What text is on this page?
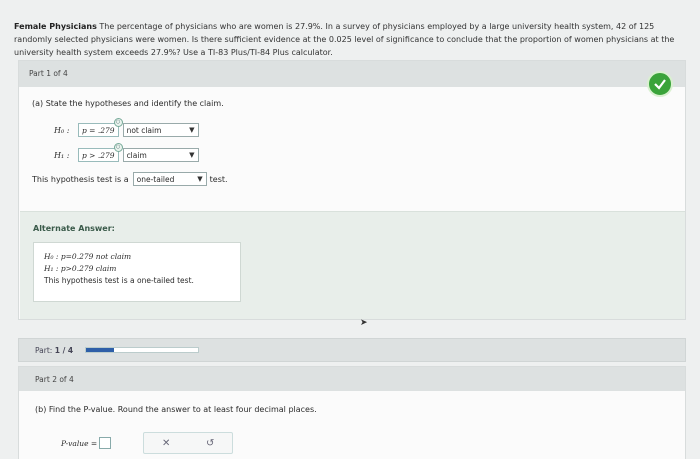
Female Physicians The percentage of physicians who are women is 27.9%. In a survey of physicians employed by a large university health system, 42 of 125 randomly selected physicians were women. Is there sufficient evidence at the 0.025 level of significance to conclude that the proportion of women physicians at the university health system exceeds 27.9%? Use a TI-83 Plus/TI-84 Plus calculator.
Part 1 of 4
(a) State the hypotheses and identify the claim.
H₀ :	p = .279
○
not claim	▼
H₁ :	p > .279
○
claim	▼
This hypothesis test is a one-tailed	▼ test.
Alternate Answer:
H₀ : p=0.279 not claim
H₁ : p>0.279 claim
This hypothesis test is a one-tailed test.
➤
Part: 1 / 4
Part 2 of 4
(b) Find the P-value. Round the answer to at least four decimal places.
P-value =	✕	↺
